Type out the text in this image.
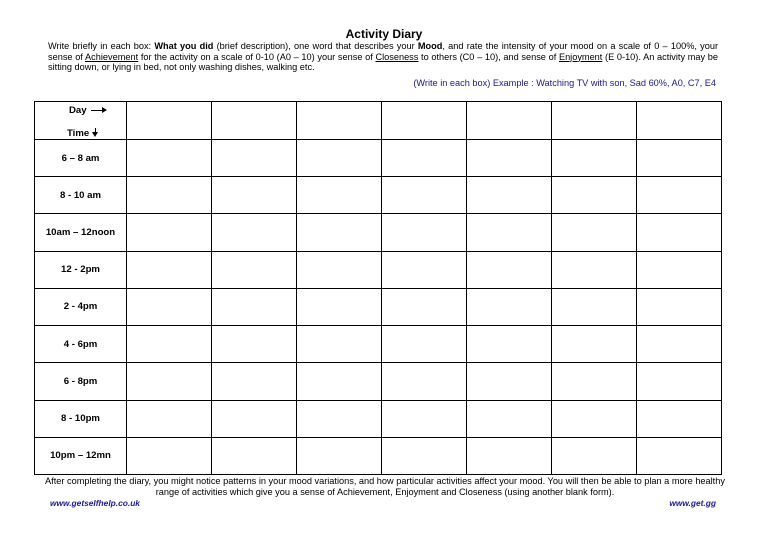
Activity Diary
Write briefly in each box: What you did (brief description), one word that describes your Mood, and rate the intensity of your mood on a scale of 0 – 100%, your sense of Achievement for the activity on a scale of 0-10 (A0 – 10) your sense of Closeness to others (C0 – 10), and sense of Enjoyment (E 0-10). An activity may be sitting down, or lying in bed, not only washing dishes, walking etc.
(Write in each box) Example : Watching TV with son, Sad 60%, A0, C7, E4
Day
Time							

6 – 8 am							
8 - 10 am							
10am – 12noon							
12 - 2pm							
2 - 4pm							
4 - 6pm							
6 - 8pm							
8 - 10pm							
10pm – 12mn							
After completing the diary, you might notice patterns in your mood variations, and how particular activities affect your mood. You will then be able to plan a more healthy range of activities which give you a sense of Achievement, Enjoyment and Closeness (using another blank form).
www.getselfhelp.co.uk	www.get.gg
